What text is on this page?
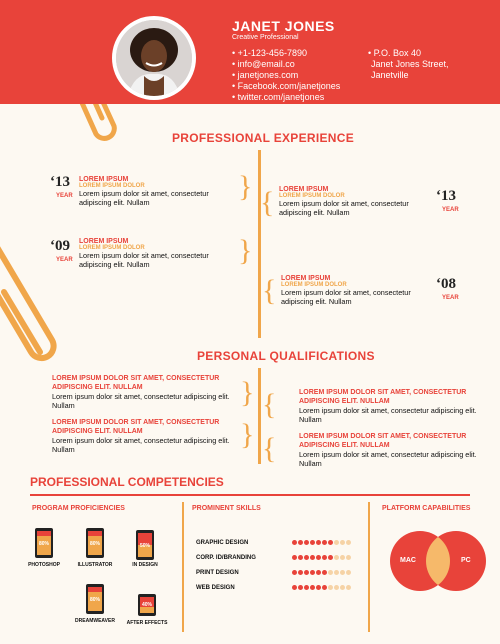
JANET JONES
Creative Professional
• +1-123-456-7890
• info@email.co
• janetjones.com
• Facebook.com/janetjones
• twitter.com/janetjones
• P.O. Box 40
Janet Jones Street,
Janetville
PROFESSIONAL EXPERIENCE
‘13
YEAR
LOREM IPSUM
LOREM IPSUM DOLOR
Lorem ipsum dolor sit amet, consectetur adipiscing elit. Nullam	} { LOREM IPSUM
LOREM IPSUM DOLOR
Lorem ipsum dolor sit amet, consectetur adipiscing elit. Nullam
‘13
YEAR
‘09
YEAR
LOREM IPSUM
LOREM IPSUM DOLOR
Lorem ipsum dolor sit amet, consectetur adipiscing elit. Nullam	}
{ LOREM IPSUM
LOREM IPSUM DOLOR
Lorem ipsum dolor sit amet, consectetur adipiscing elit. Nullam
‘08
YEAR
PERSONAL QUALIFICATIONS
LOREM IPSUM DOLOR SIT AMET, CONSECTETUR ADIPISCING ELIT. NULLAM
Lorem ipsum dolor sit amet, consectetur adipiscing elit. Nullam	} {	LOREM IPSUM DOLOR SIT AMET, CONSECTETUR ADIPISCING ELIT. NULLAM
Lorem ipsum dolor sit amet, consectetur adipiscing elit. Nullam
LOREM IPSUM DOLOR SIT AMET, CONSECTETUR ADIPISCING ELIT. NULLAM
Lorem ipsum dolor sit amet, consectetur adipiscing elit. Nullam	} {	LOREM IPSUM DOLOR SIT AMET, CONSECTETUR ADIPISCING ELIT. NULLAM
Lorem ipsum dolor sit amet, consectetur adipiscing elit. Nullam
PROFESSIONAL COMPETENCIES
PROGRAM PROFICIENCIES	PROMINENT SKILLS	PLATFORM CAPABILITIES
80%
PHOTOSHOP
80%
ILLUSTRATOR
50%
IN DESIGN
80%
DREAMWEAVER
40%
AFTER EFFECTS
GRAPHIC DESIGN
CORP. ID/BRANDING
PRINT DESIGN
WEB DESIGN
MAC	PC
